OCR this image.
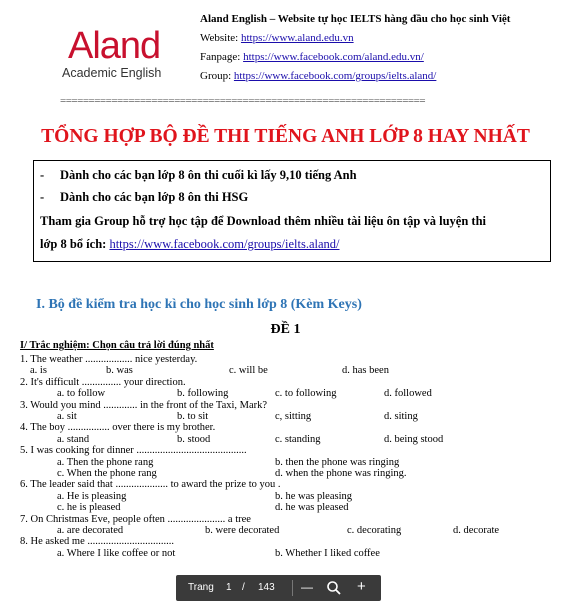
Aland
Academic English
Aland English – Website tự học IELTS hàng đầu cho học sinh Việt
Website: https://www.aland.edu.vn
Fanpage: https://www.facebook.com/aland.edu.vn/
Group: https://www.facebook.com/groups/ielts.aland/
================================================================
TỔNG HỢP BỘ ĐỀ THI TIẾNG ANH LỚP 8 HAY NHẤT
- Dành cho các bạn lớp 8 ôn thi cuối kì lấy 9,10 tiếng Anh
- Dành cho các bạn lớp 8 ôn thi HSG
Tham gia Group hỗ trợ học tập để Download thêm nhiều tài liệu ôn tập và luyện thi
lớp 8 bổ ích: https://www.facebook.com/groups/ielts.aland/
I. Bộ đề kiểm tra học kì cho học sinh lớp 8 (Kèm Keys)
ĐỀ 1
I/ Trắc nghiệm: Chọn câu trả lời đúng nhất
1. The weather .................. nice yesterday.
a. is	b. was	c. will be	d. has been
2. It's difficult ............... your direction.
a. to follow	b. following	c. to following	d. followed
3. Would you mind ............. in the front of the Taxi, Mark?
a. sit	b. to sit	c, sitting	d. siting
4. The boy ................ over there is my brother.
a. stand	b. stood	c. standing	d. being stood
5. I was cooking for dinner ..........................................
a. Then the phone rang	b. then the phone was ringing
c. When the phone rang	d. when the phone was ringing.
6. The leader said that .................... to award the prize to you .
a. He is pleasing	b. he was pleasing
c. he is pleased	d. he was pleased
7. On Christmas Eve, people often ...................... a tree
a. are decorated	b. were decorated	c. decorating	d. decorate
8. He asked me .................................
a. Where I like coffee or not	b. Whether I liked coffee
Trang 1 / 143 —	+
